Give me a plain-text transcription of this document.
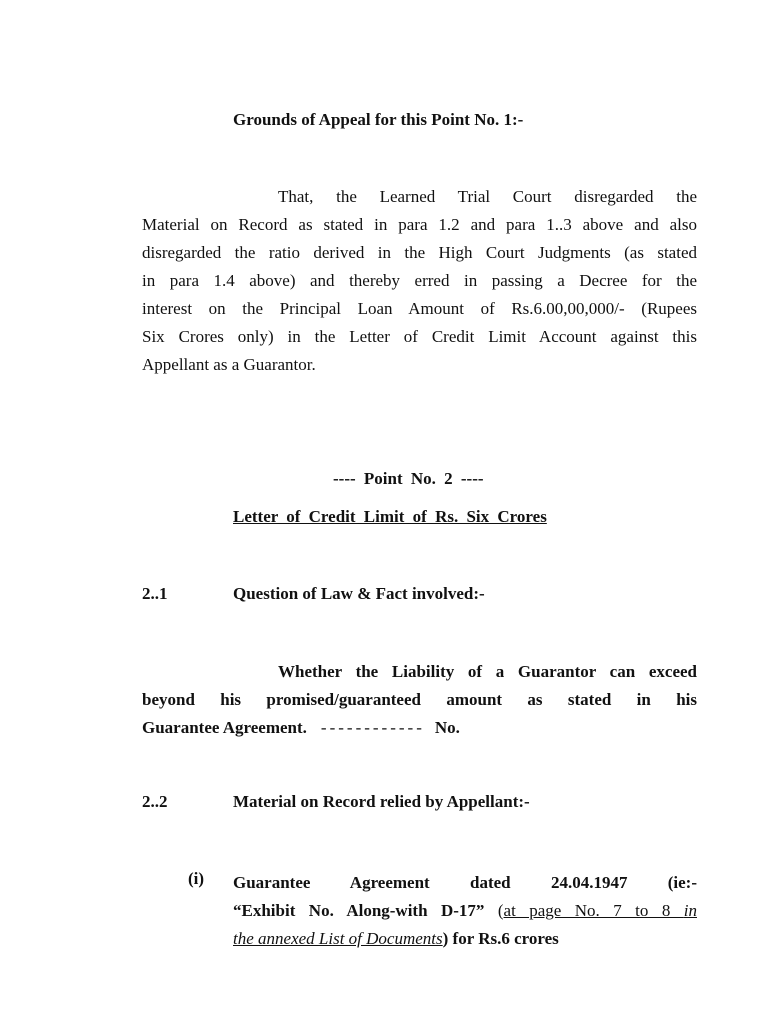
Grounds of Appeal for this Point No. 1:-
That, the Learned Trial Court disregarded the
Material on Record as stated in para 1.2 and para 1..3 above and also
disregarded the ratio derived in the High Court Judgments (as stated
in para 1.4 above) and thereby erred in passing a Decree for the
interest on the Principal Loan Amount of Rs.6.00,00,000/- (Rupees
Six Crores only) in the Letter of Credit Limit Account against this
Appellant as a Guarantor.
---- Point No. 2 ----
Letter of Credit Limit of Rs. Six Crores
2..1	Question of Law & Fact involved:-
Whether the Liability of a Guarantor can exceed
beyond his promised/guaranteed amount as stated in his
Guarantee Agreement. ------------ No.
2..2	Material on Record relied by Appellant:-
(i) Guarantee Agreement dated 24.04.1947 (ie:-
“Exhibit No. Along-with D-17” (at page No. 7 to 8 in
the annexed List of Documents) for Rs.6 crores
